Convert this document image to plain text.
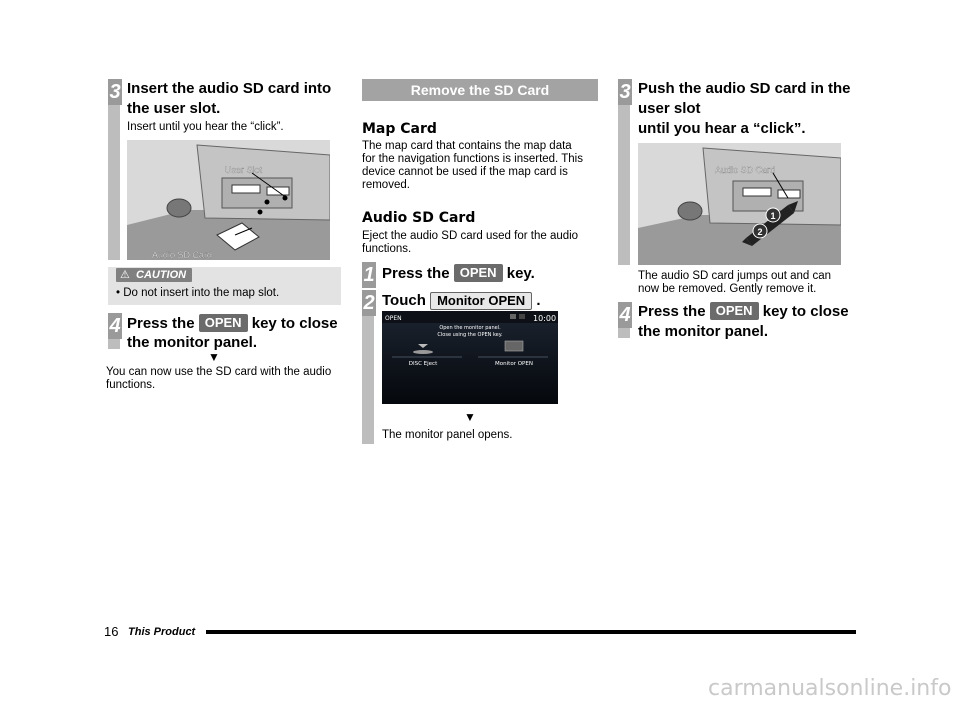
3 Insert the audio SD card into
the user slot.
Insert until you hear the “click”.
User Slot
Audio SD Card
⚠ CAUTION
• Do not insert into the map slot.
4 Press the OPEN key to close
the monitor panel.
▼
You can now use the SD card with the audio
functions.
Remove the SD Card
Map Card
The map card that contains the map data
for the navigation functions is inserted. This
device cannot be used if the map card is
removed.
Audio SD Card
Eject the audio SD card used for the audio
functions.
1 Press the OPEN key.
2 Touch Monitor OPEN .
OPEN	10:00
Open the monitor panel.
Close using the OPEN key.
DISC Eject	Monitor OPEN
▼
The monitor panel opens.
3 Push the audio SD card in the
user slot
until you hear a “click”.
1
2
Audio SD Card
The audio SD card jumps out and can
now be removed. Gently remove it.
4 Press the OPEN key to close
the monitor panel.
16 This Product
carmanualsonline.info
